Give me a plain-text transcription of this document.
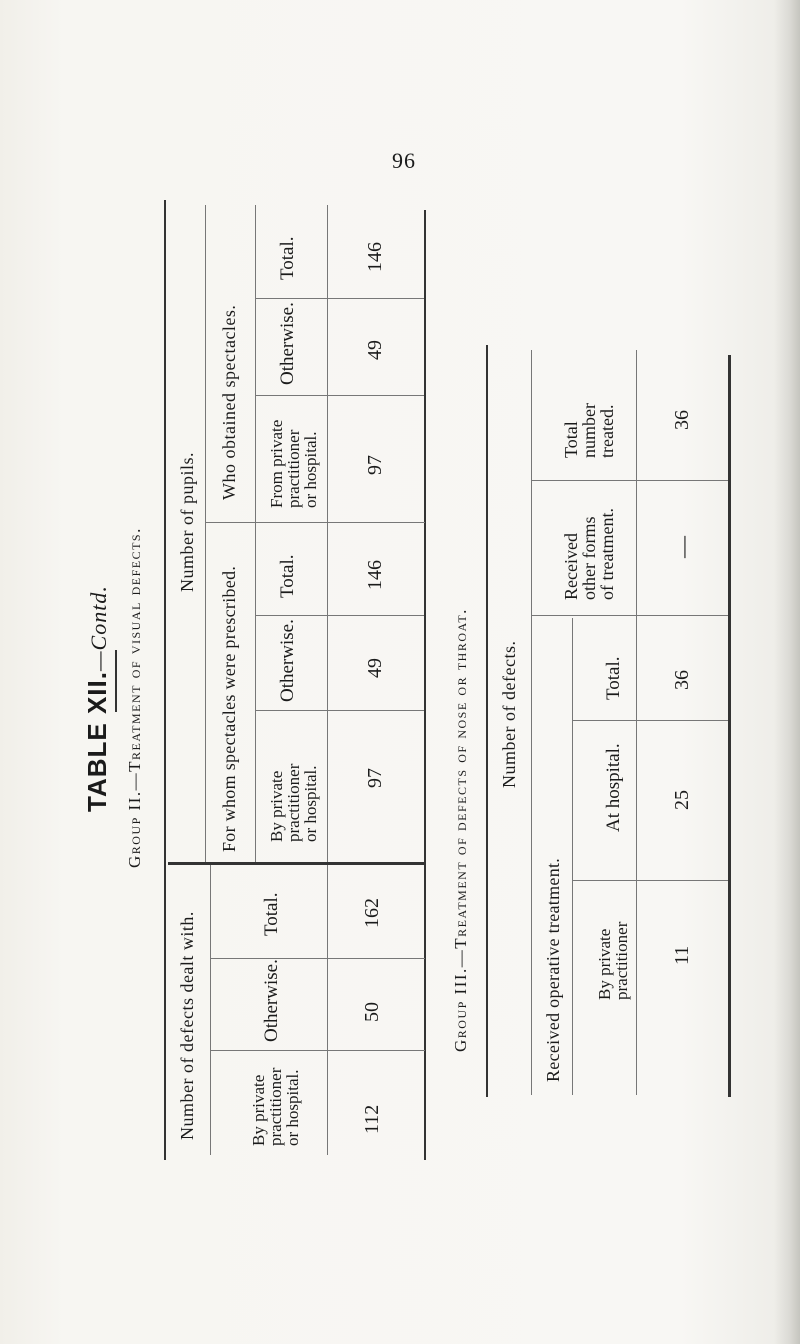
96
TABLE XII.—Contd. Group II.—Treatment of visual defects.
Number of pupils.
Who obtained spectacles.
For whom spectacles were prescribed.
Total.
Otherwise.
From private
practitioner
or hospital.
146
49
97
Total.
Otherwise.
By private
practitioner
or hospital.
146
49
97
Number of defects dealt with.	Total.
Otherwise.
By private
practitioner
or hospital.
162
50
112
Group III.—Treatment of defects of nose or throat. Number of defects.
Total
number
treated.	36
Received
other forms
of treatment. —
Received operative treatment.
Total.
At hospital.
By private
practitioner
36
25
11
